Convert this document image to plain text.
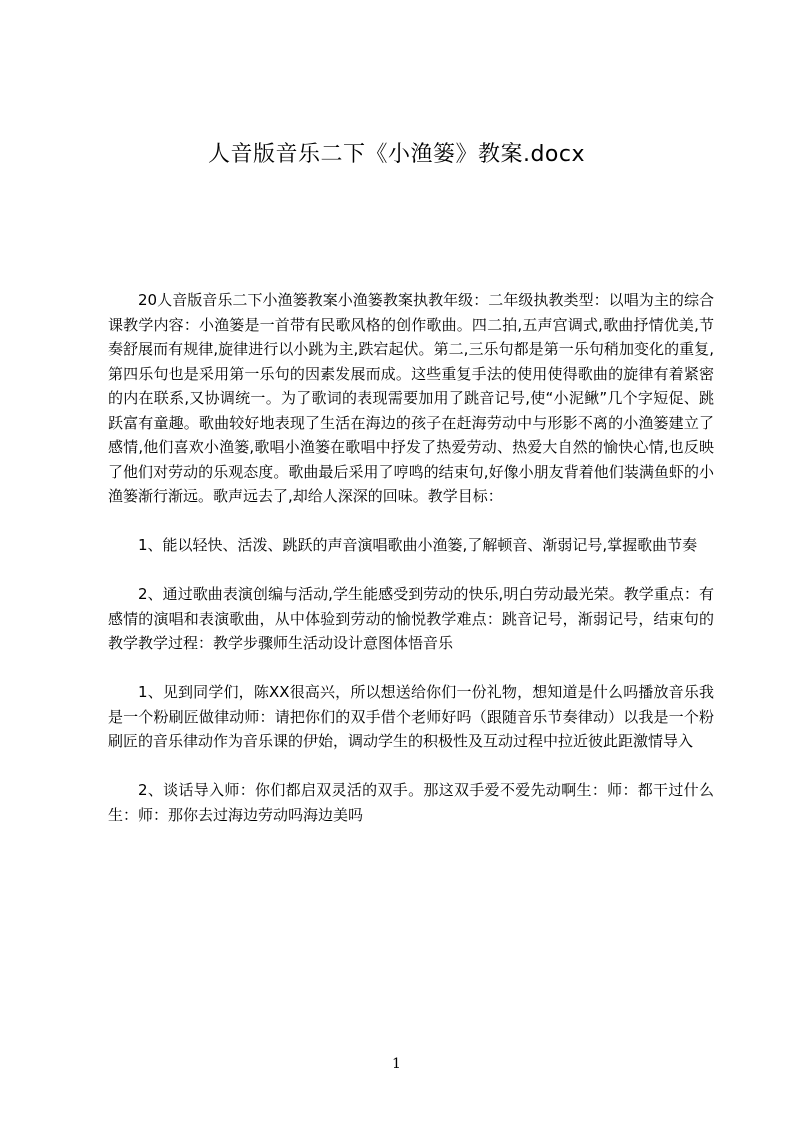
人音版音乐二下《小渔篓》教案.docx

20人音版音乐二下小渔篓教案小渔篓教案执教年级：二年级执教类型：以唱为主的综合课教学内容：小渔篓是一首带有民歌风格的创作歌曲。四二拍,五声宫调式,歌曲抒情优美,节奏舒展而有规律,旋律进行以小跳为主,跌宕起伏。第二,三乐句都是第一乐句稍加变化的重复,第四乐句也是采用第一乐句的因素发展而成。这些重复手法的使用使得歌曲的旋律有着紧密的内在联系,又协调统一。为了歌词的表现需要加用了跳音记号,使“小泥鳅”几个字短促、跳跃富有童趣。歌曲较好地表现了生活在海边的孩子在赶海劳动中与形影不离的小渔篓建立了感情,他们喜欢小渔篓,歌唱小渔篓在歌唱中抒发了热爱劳动、热爱大自然的愉快心情,也反映了他们对劳动的乐观态度。歌曲最后采用了哼鸣的结束句,好像小朋友背着他们装满鱼虾的小渔篓渐行渐远。歌声远去了,却给人深深的回味。教学目标：

1、能以轻快、活泼、跳跃的声音演唱歌曲小渔篓,了解顿音、渐弱记号,掌握歌曲节奏

2、通过歌曲表演创编与活动,学生能感受到劳动的快乐,明白劳动最光荣。教学重点：有感情的演唱和表演歌曲，从中体验到劳动的愉悦教学难点：跳音记号，渐弱记号，结束句的教学教学过程：教学步骤师生活动设计意图体悟音乐

1、见到同学们，陈XX很高兴，所以想送给你们一份礼物，想知道是什么吗播放音乐我是一个粉刷匠做律动师：请把你们的双手借个老师好吗（跟随音乐节奏律动）以我是一个粉刷匠的音乐律动作为音乐课的伊始，调动学生的积极性及互动过程中拉近彼此距激情导入

2、谈话导入师：你们都启双灵活的双手。那这双手爱不爱先动啊生：师：都干过什么生：师：那你去过海边劳动吗海边美吗

1
